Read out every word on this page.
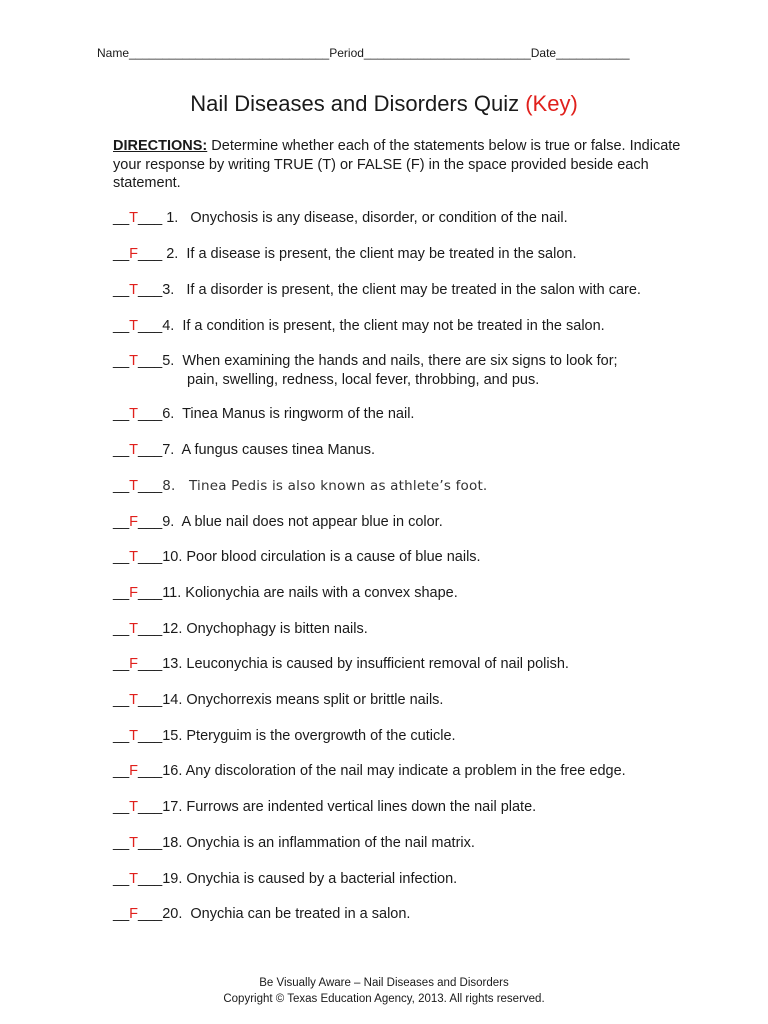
Name______________________________Period_________________________Date___________
Nail Diseases and Disorders Quiz (Key)
DIRECTIONS: Determine whether each of the statements below is true or false. Indicate your response by writing TRUE (T) or FALSE (F) in the space provided beside each statement.
__T___ 1.   Onychosis is any disease, disorder, or condition of the nail.
__F___ 2.  If a disease is present, the client may be treated in the salon.
__T___3.   If a disorder is present, the client may be treated in the salon with care.
__T___4.  If a condition is present, the client may not be treated in the salon.
__T___5.  When examining the hands and nails, there are six signs to look for;
pain, swelling, redness, local fever, throbbing, and pus.
__T___6.  Tinea Manus is ringworm of the nail.
__T___7.  A fungus causes tinea Manus.
__T___8.   Tinea Pedis is also known as athlete’s foot.
__F___9.  A blue nail does not appear blue in color.
__T___10. Poor blood circulation is a cause of blue nails.
__F___11. Kolionychia are nails with a convex shape.
__T___12. Onychophagy is bitten nails.
__F___13. Leuconychia is caused by insufficient removal of nail polish.
__T___14. Onychorrexis means split or brittle nails.
__T___15. Pteryguim is the overgrowth of the cuticle.
__F___16. Any discoloration of the nail may indicate a problem in the free edge.
__T___17. Furrows are indented vertical lines down the nail plate.
__T___18. Onychia is an inflammation of the nail matrix.
__T___19. Onychia is caused by a bacterial infection.
__F___20.  Onychia can be treated in a salon.
Be Visually Aware – Nail Diseases and Disorders
Copyright © Texas Education Agency, 2013. All rights reserved.
